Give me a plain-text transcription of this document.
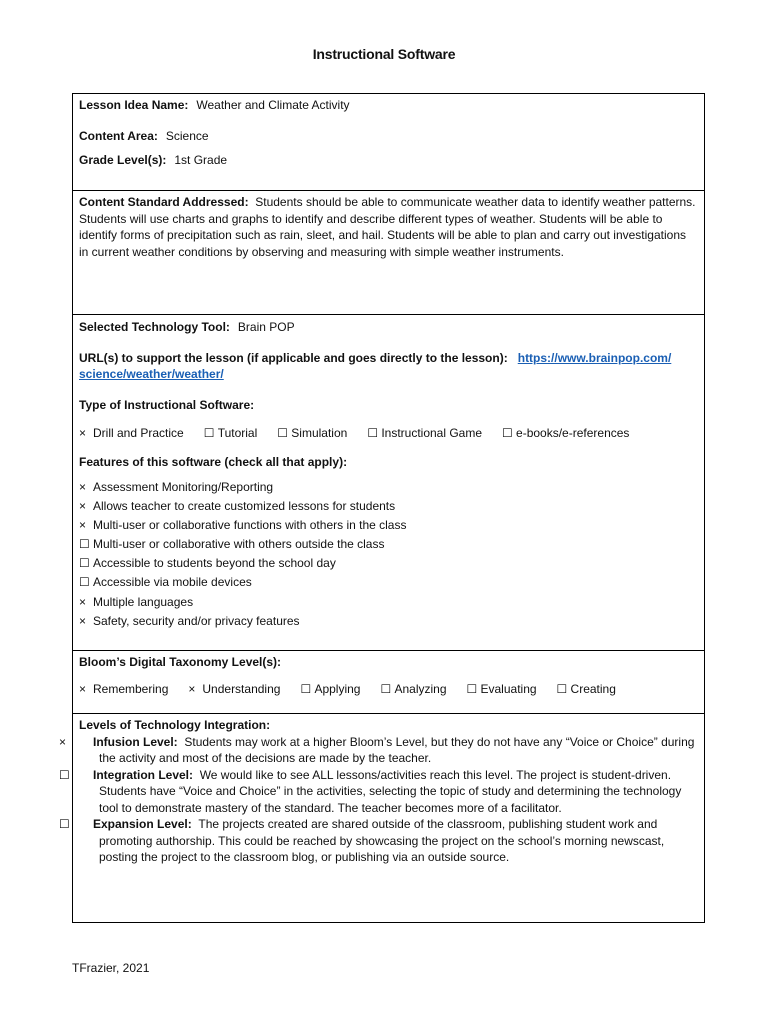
Instructional Software

Lesson Idea Name: Weather and Climate Activity

Content Area: Science

Grade Level(s): 1st Grade

Content Standard Addressed: Students should be able to communicate weather data to identify weather patterns. Students will use charts and graphs to identify and describe different types of weather. Students will be able to identify forms of precipitation such as rain, sleet, and hail. Students will be able to plan and carry out investigations in current weather conditions by observing and measuring with simple weather instruments.

Selected Technology Tool: Brain POP

URL(s) to support the lesson (if applicable and goes directly to the lesson): https://www.brainpop.com/
science/weather/weather/

Type of Instructional Software:

× Drill and Practice ☐ Tutorial ☐ Simulation ☐ Instructional Game ☐ e-books/e-references

Features of this software (check all that apply):

× Assessment Monitoring/Reporting

× Allows teacher to create customized lessons for students

× Multi-user or collaborative functions with others in the class

☐ Multi-user or collaborative with others outside the class

☐ Accessible to students beyond the school day

☐ Accessible via mobile devices

× Multiple languages

× Safety, security and/or privacy features

Bloom’s Digital Taxonomy Level(s):

× Remembering × Understanding ☐ Applying ☐ Analyzing ☐ Evaluating ☐ Creating

Levels of Technology Integration:

× Infusion Level: Students may work at a higher Bloom’s Level, but they do not have any “Voice or Choice” during the activity and most of the decisions are made by the teacher.

☐ Integration Level: We would like to see ALL lessons/activities reach this level. The project is student-driven. Students have “Voice and Choice” in the activities, selecting the topic of study and determining the technology tool to demonstrate mastery of the standard. The teacher becomes more of a facilitator.

☐ Expansion Level: The projects created are shared outside of the classroom, publishing student work and promoting authorship. This could be reached by showcasing the project on the school’s morning newscast, posting the project to the classroom blog, or publishing via an outside source.

TFrazier, 2021
